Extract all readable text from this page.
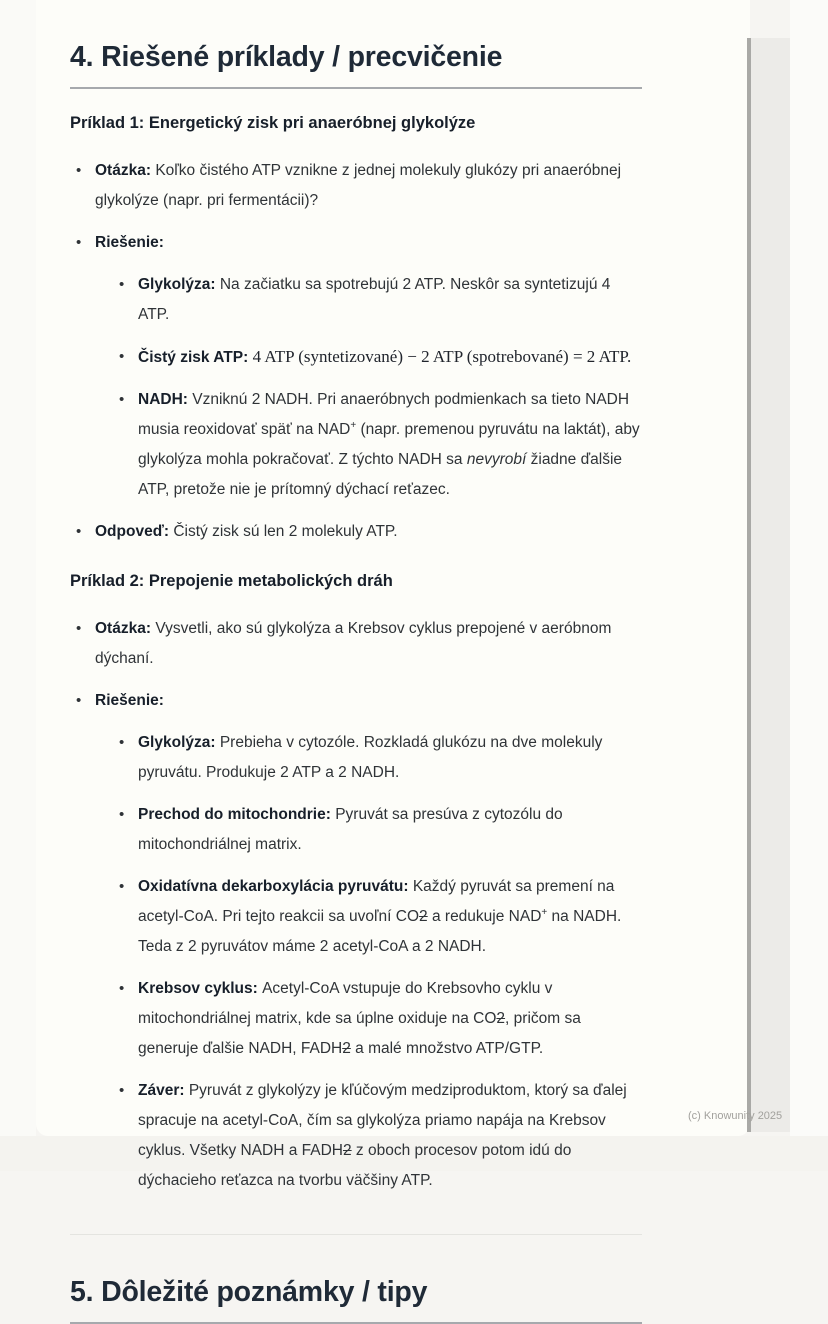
4. Riešené príklady / precvičenie
Príklad 1: Energetický zisk pri anaeróbnej glykolýze
•
Otázka: Koľko čistého ATP vznikne z jednej molekuly glukózy pri anaeróbnej glykolýze (napr. pri fermentácii)?
•
Riešenie:
•
Glykolýza: Na začiatku sa spotrebujú 2 ATP. Neskôr sa syntetizujú 4 ATP.
•
Čistý zisk ATP: 4 ATP (syntetizované) − 2 ATP (spotrebované) = 2 ATP.
•
NADH: Vzniknú 2 NADH. Pri anaeróbnych podmienkach sa tieto NADH musia reoxidovať späť na NAD+ (napr. premenou pyruvátu na laktát), aby glykolýza mohla pokračovať. Z týchto NADH sa nevyrobí žiadne ďalšie ATP, pretože nie je prítomný dýchací reťazec.
•
Odpoveď: Čistý zisk sú len 2 molekuly ATP.
Príklad 2: Prepojenie metabolických dráh
•
Otázka: Vysvetli, ako sú glykolýza a Krebsov cyklus prepojené v aeróbnom dýchaní.
•
Riešenie:
•
Glykolýza: Prebieha v cytozóle. Rozkladá glukózu na dve molekuly pyruvátu. Produkuje 2 ATP a 2 NADH.
•
Prechod do mitochondrie: Pyruvát sa presúva z cytozólu do mitochondriálnej matrix.
•
Oxidatívna dekarboxylácia pyruvátu: Každý pyruvát sa premení na acetyl-CoA. Pri tejto reakcii sa uvoľní CO2 a redukuje NAD+ na NADH. Teda z 2 pyruvátov máme 2 acetyl-CoA a 2 NADH.
•
Krebsov cyklus: Acetyl-CoA vstupuje do Krebsovho cyklu v mitochondriálnej matrix, kde sa úplne oxiduje na CO2, pričom sa generuje ďalšie NADH, FADH2 a malé množstvo ATP/GTP.
•
Záver: Pyruvát z glykolýzy je kľúčovým medziproduktom, ktorý sa ďalej spracuje na acetyl-CoA, čím sa glykolýza priamo napája na Krebsov cyklus. Všetky NADH a FADH2 z oboch procesov potom idú do dýchacieho reťazca na tvorbu väčšiny ATP.
5. Dôležité poznámky / tipy
(c) Knowunity 2025
